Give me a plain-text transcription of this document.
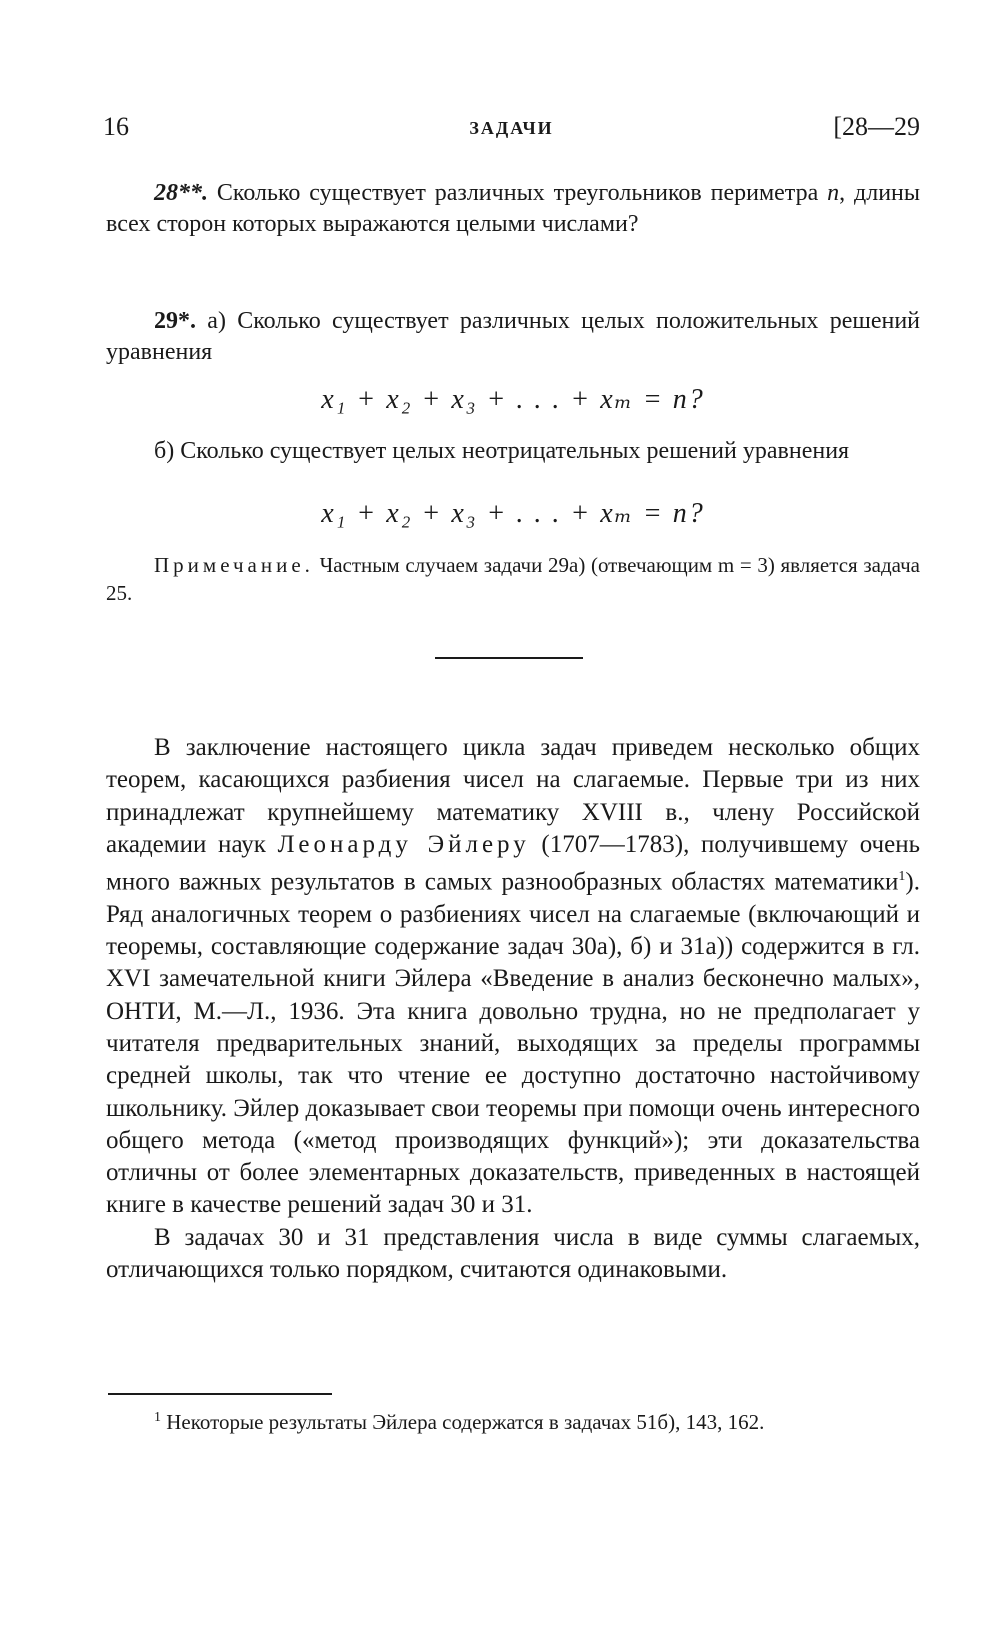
16	ЗАДАЧИ	[28—29
28**. Сколько существует различных треугольников периметра n, длины всех сторон которых выражаются целыми числами?
29*. а) Сколько существует различных целых положительных решений уравнения
x₁ + x₂ + x₃ + . . . + xₘ = n?
б) Сколько существует целых неотрицательных решений уравнения
x₁ + x₂ + x₃ + . . . + xₘ = n?
Примечание. Частным случаем задачи 29а) (отвечающим m = 3) является задача 25.

В заключение настоящего цикла задач приведем несколько общих теорем, касающихся разбиения чисел на слагаемые. Первые три из них принадлежат крупнейшему математику XVIII в., члену Российской академии наук Леонарду Эйлеру (1707—1783), получившему очень много важных результатов в самых разнообразных областях математики$^1$). Ряд аналогичных теорем о разбиениях чисел на слагаемые (включающий и теоремы, составляющие содержание задач 30а), б) и 31а)) содержится в гл. XVI замечательной книги Эйлера «Введение в анализ бесконечно малых», ОНТИ, М.—Л., 1936. Эта книга довольно трудна, но не предполагает у читателя предварительных знаний, выходящих за пределы программы средней школы, так что чтение ее доступно достаточно настойчивому школьнику. Эйлер доказывает свои теоремы при помощи очень интересного общего метода («метод производящих функций»); эти доказательства отличны от более элементарных доказательств, приведенных в настоящей книге в качестве решений задач 30 и 31.

В задачах 30 и 31 представления числа в виде суммы слагаемых, отличающихся только порядком, считаются одинаковыми.

$^1$ Некоторые результаты Эйлера содержатся в задачах 51б), 143, 162.
